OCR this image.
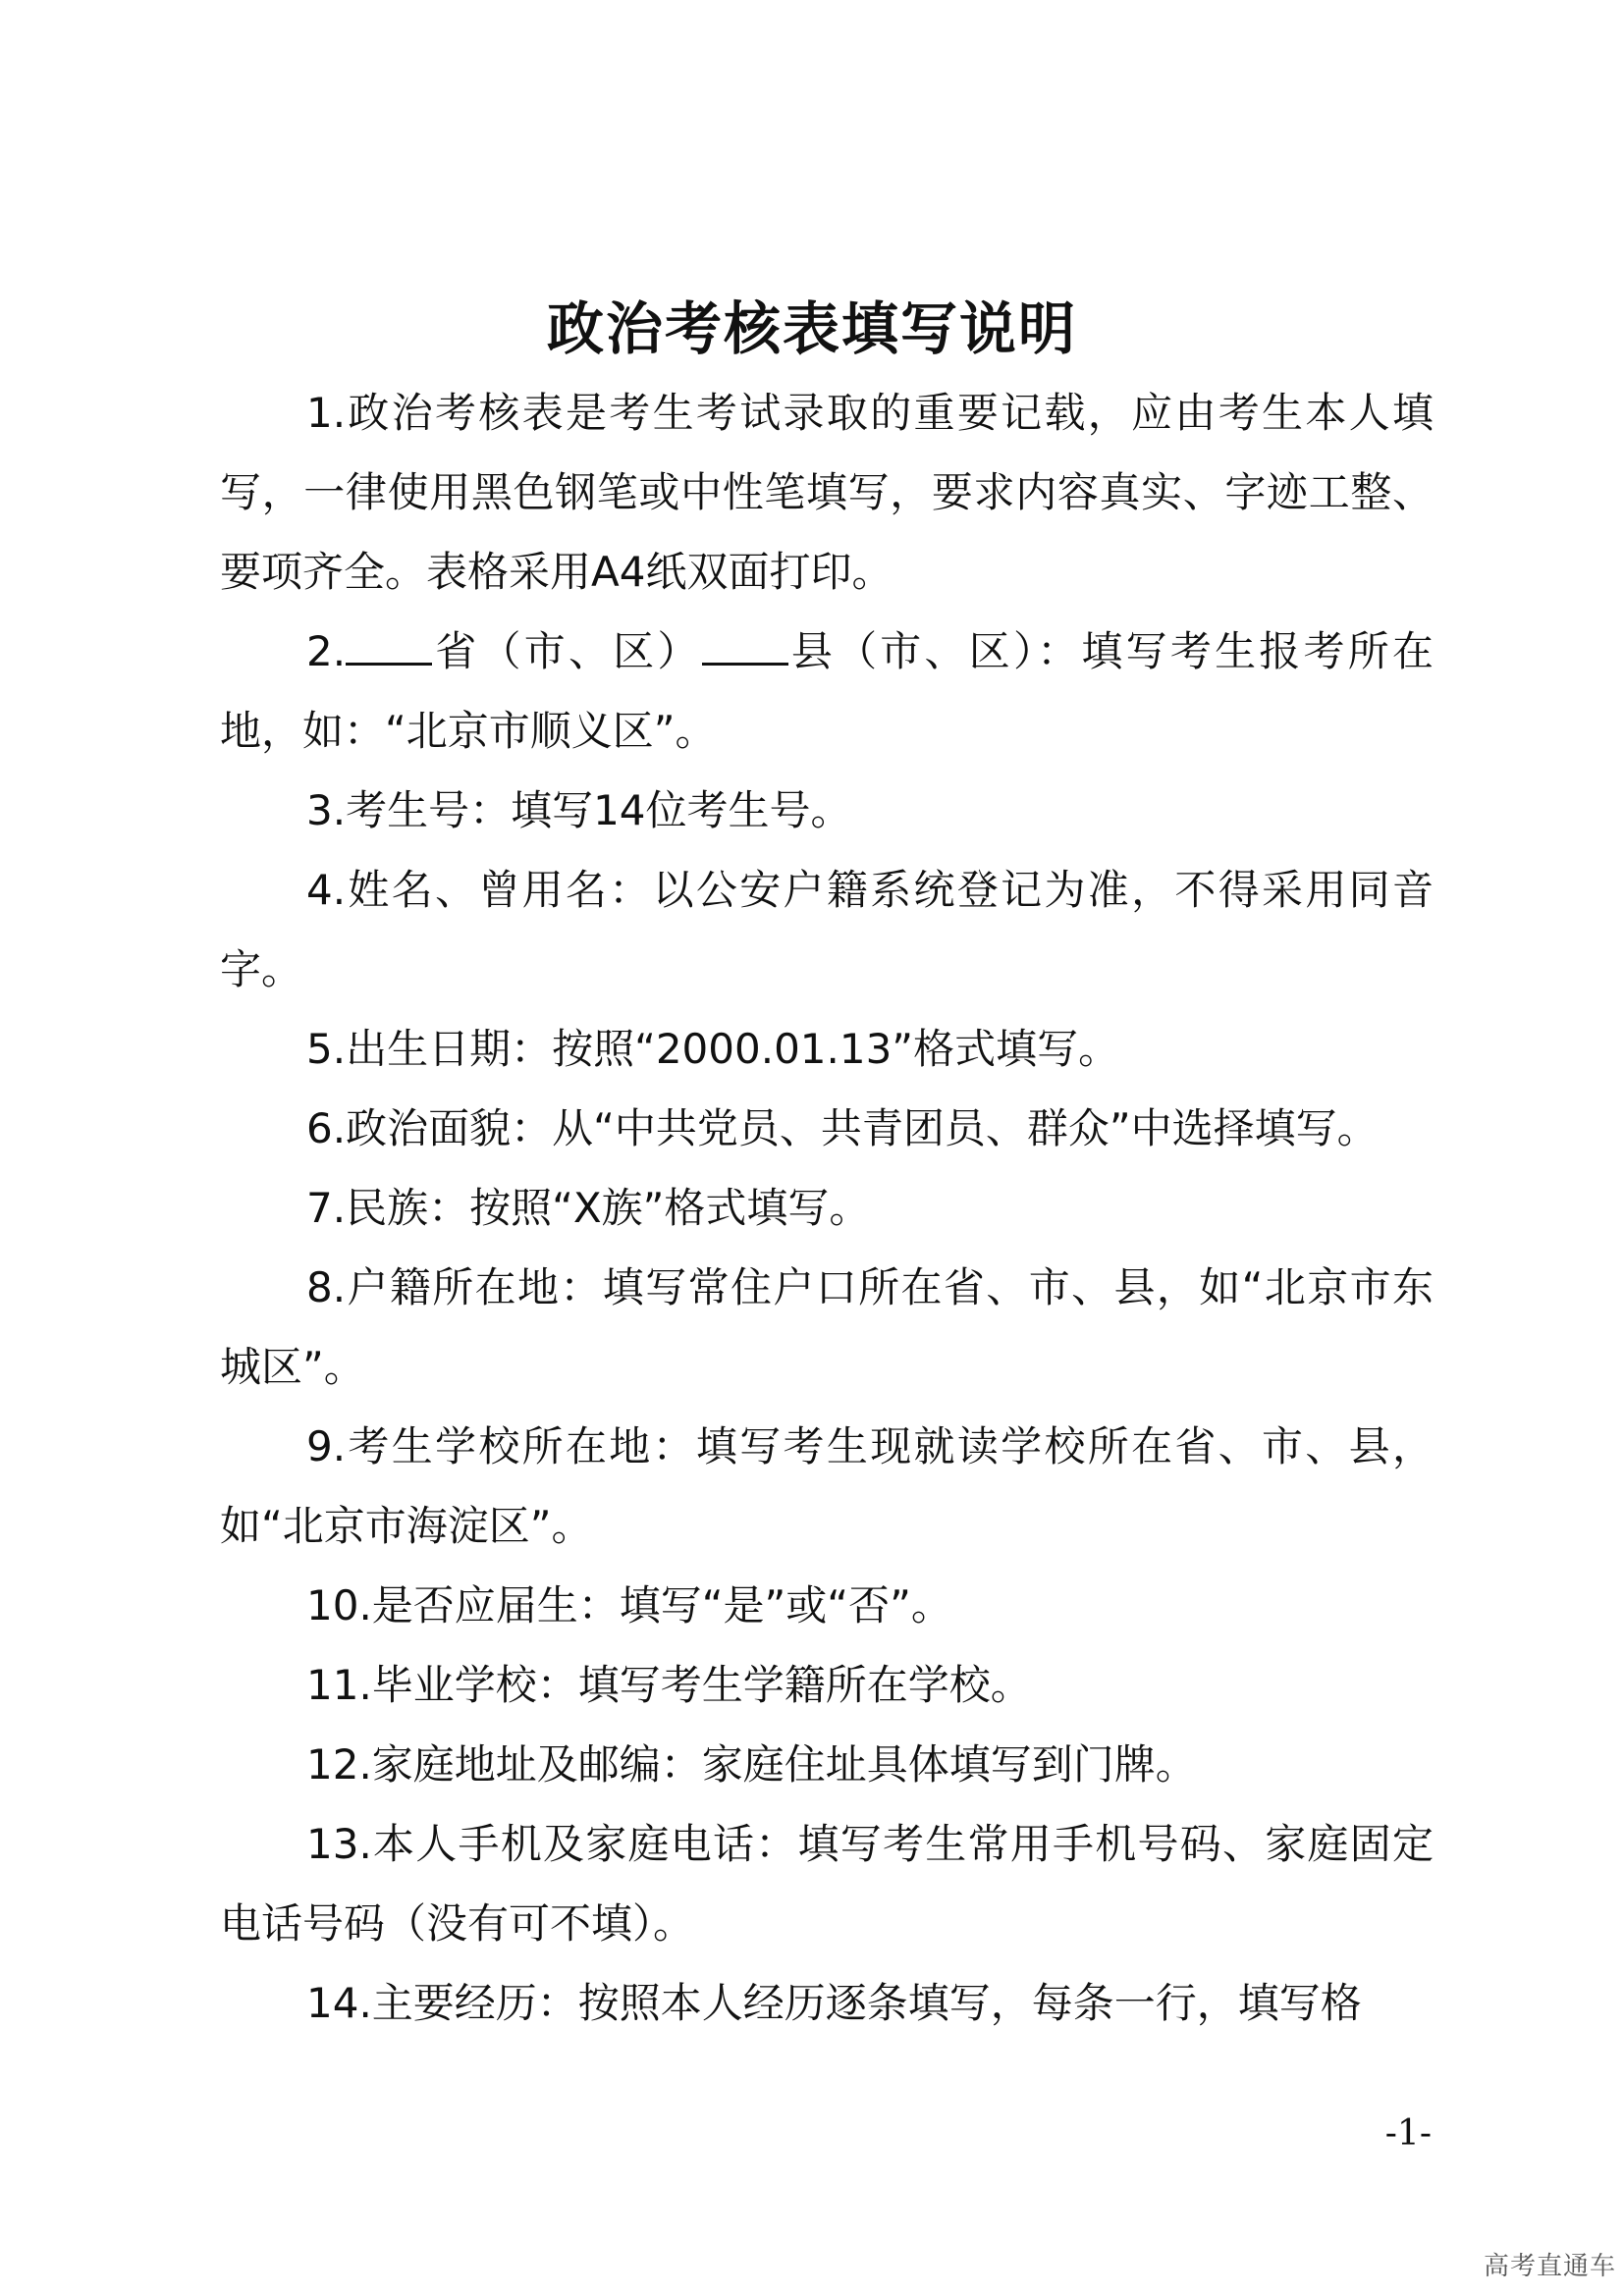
政治考核表填写说明

1.政治考核表是考生考试录取的重要记载，应由考生本人填写，一律使用黑色钢笔或中性笔填写，要求内容真实、字迹工整、要项齐全。表格采用A4纸双面打印。

2. 省（市、区） 县（市、区）：填写考生报考所在地，如：“北京市顺义区”。

3.考生号：填写14位考生号。

4.姓名、曾用名：以公安户籍系统登记为准，不得采用同音字。

5.出生日期：按照“2000.01.13”格式填写。

6.政治面貌：从“中共党员、共青团员、群众”中选择填写。

7.民族：按照“X族”格式填写。

8.户籍所在地：填写常住户口所在省、市、县，如“北京市东城区”。

9.考生学校所在地：填写考生现就读学校所在省、市、县，如“北京市海淀区”。

10.是否应届生：填写“是”或“否”。

11.毕业学校：填写考生学籍所在学校。

12.家庭地址及邮编：家庭住址具体填写到门牌。

13.本人手机及家庭电话：填写考生常用手机号码、家庭固定电话号码（没有可不填）。

14.主要经历：按照本人经历逐条填写，每条一行，填写格

-1-
高考直通车
